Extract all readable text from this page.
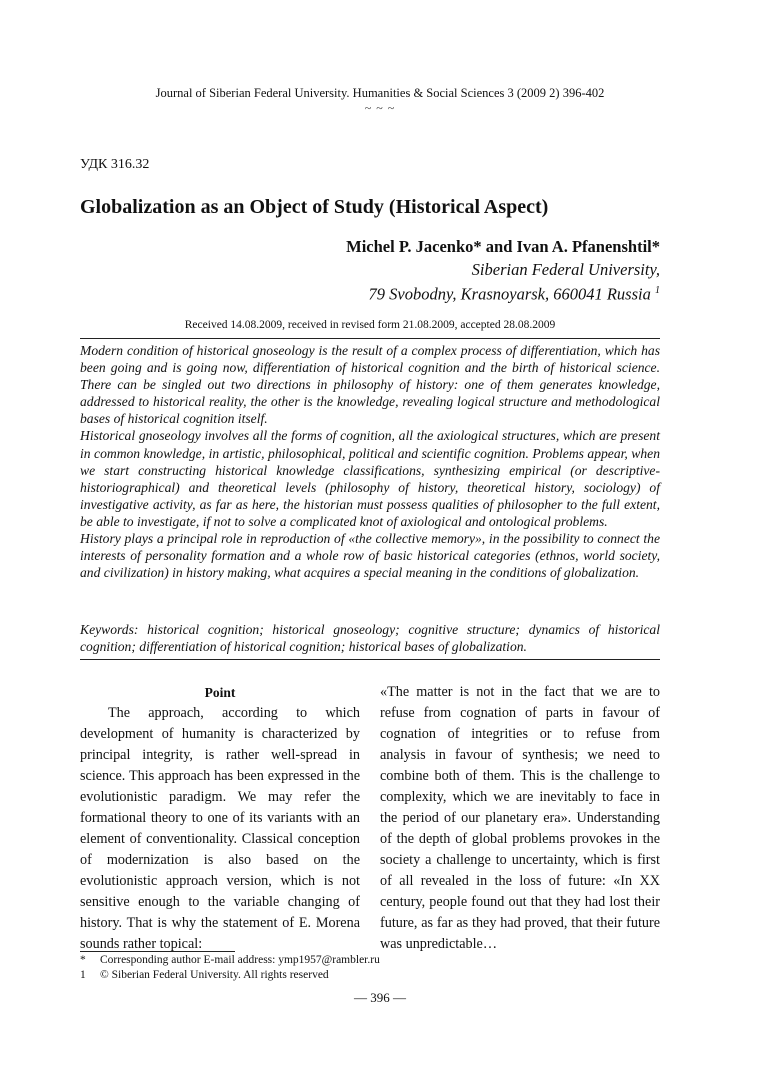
Journal of Siberian Federal University. Humanities & Social Sciences 3 (2009 2) 396-402
~ ~ ~
УДК 316.32
Globalization as an Object of Study (Historical Aspect)
Michel P. Jacenko* and Ivan A. Pfanenshtil*
Siberian Federal University,
79 Svobodny, Krasnoyarsk, 660041 Russia $^1$
Received 14.08.2009, received in revised form 21.08.2009, accepted 28.08.2009

Modern condition of historical gnoseology is the result of a complex process of differentiation, which has been going and is going now, differentiation of historical cognition and the birth of historical science. There can be singled out two directions in philosophy of history: one of them generates knowledge, addressed to historical reality, the other is the knowledge, revealing logical structure and methodological bases of historical cognition itself.

Historical gnoseology involves all the forms of cognition, all the axiological structures, which are present in common knowledge, in artistic, philosophical, political and scientific cognition. Problems appear, when we start constructing historical knowledge classifications, synthesizing empirical (or descriptive-historiographical) and theoretical levels (philosophy of history, theoretical history, sociology) of investigative activity, as far as here, the historian must possess qualities of philosopher to the full extent, be able to investigate, if not to solve a complicated knot of axiological and ontological problems.

History plays a principal role in reproduction of «the collective memory», in the possibility to connect the interests of personality formation and a whole row of basic historical categories (ethnos, world society, and civilization) in history making, what acquires a special meaning in the conditions of globalization.

Keywords: historical cognition; historical gnoseology; cognitive structure; dynamics of historical cognition; differentiation of historical cognition; historical bases of globalization.
Point

The approach, according to which development of humanity is characterized by principal integrity, is rather well-spread in science. This approach has been expressed in the evolutionistic paradigm. We may refer the formational theory to one of its variants with an element of conventionality. Classical conception of modernization is also based on the evolutionistic approach version, which is not sensitive enough to the variable changing of history. That is why the statement of E. Morena sounds rather topical:

«The matter is not in the fact that we are to refuse from cognation of parts in favour of cognation of integrities or to refuse from analysis in favour of synthesis; we need to combine both of them. This is the challenge to complexity, which we are inevitably to face in the period of our planetary era». Understanding of the depth of global problems provokes in the society a challenge to uncertainty, which is first of all revealed in the loss of future: «In XX century, people found out that they had lost their future, as far as they had proved, that their future was unpredictable…

*	Corresponding author E-mail address: ymp1957@rambler.ru
1	© Siberian Federal University. All rights reserved
— 396 —
